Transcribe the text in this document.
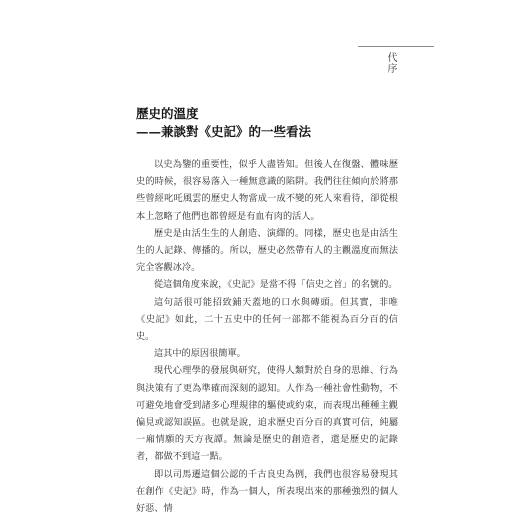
代序
歷史的溫度
——兼談對《史記》的一些看法

以史為鑒的重要性，似乎人盡皆知。但後人在復盤、體味歷史的時候，很容易落入一種無意識的陷阱。我們往往傾向於將那些曾經叱吒風雲的歷史人物當成一成不變的死人來看待，卻從根本上忽略了他們也都曾經是有血有肉的活人。

歷史是由活生生的人創造、演繹的。同樣，歷史也是由活生生的人記錄、傳播的。所以，歷史必然帶有人的主觀溫度而無法完全客觀冰冷。

從這個角度來說，《史記》是當不得「信史之首」的名號的。

這句話很可能招致鋪天蓋地的口水與磚頭。但其實，非唯《史記》如此，二十五史中的任何一部都不能視為百分百的信史。

這其中的原因很簡單。

現代心理學的發展與研究，使得人類對於自身的思維、行為與決策有了更為準確而深刻的認知。人作為一種社會性動物，不可避免地會受到諸多心理規律的驅使或約束，而表現出種種主觀偏見或認知誤區。也就是說，追求歷史百分百的真實可信，純屬一廂情願的天方夜譚。無論是歷史的創造者，還是歷史的記錄者，都做不到這一點。

即以司馬遷這個公認的千古良史為例，我們也很容易發現其在創作《史記》時，作為一個人，所表現出來的那種強烈的個人好惡、情
